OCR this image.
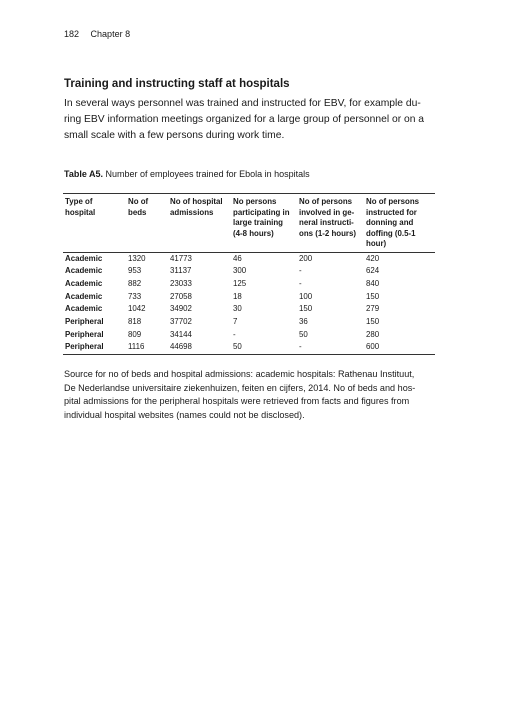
182 Chapter 8
Training and instructing staff at hospitals
In several ways personnel was trained and instructed for EBV, for example du-
ring EBV information meetings organized for a large group of personnel or on a
small scale with a few persons during work time.
Table A5. Number of employees trained for Ebola in hospitals
Type of
hospital	No of
beds	No of hospital
admissions	No persons
participating in
large training
(4-8 hours)	No of persons
involved in ge-
neral instructi-
ons (1-2 hours)	No of persons
instructed for
donning and
doffing (0.5-1
hour)

Academic	1320	41773	46	200	420
Academic	953	31137	300	-	624
Academic	882	23033	125	-	840
Academic	733	27058	18	100	150
Academic	1042	34902	30	150	279
Peripheral	818	37702	7	36	150
Peripheral	809	34144	-	50	280
Peripheral	1116	44698	50	-	600
Source for no of beds and hospital admissions: academic hospitals: Rathenau Instituut,
De Nederlandse universitaire ziekenhuizen, feiten en cijfers, 2014. No of beds and hos-
pital admissions for the peripheral hospitals were retrieved from facts and figures from
individual hospital websites (names could not be disclosed).
